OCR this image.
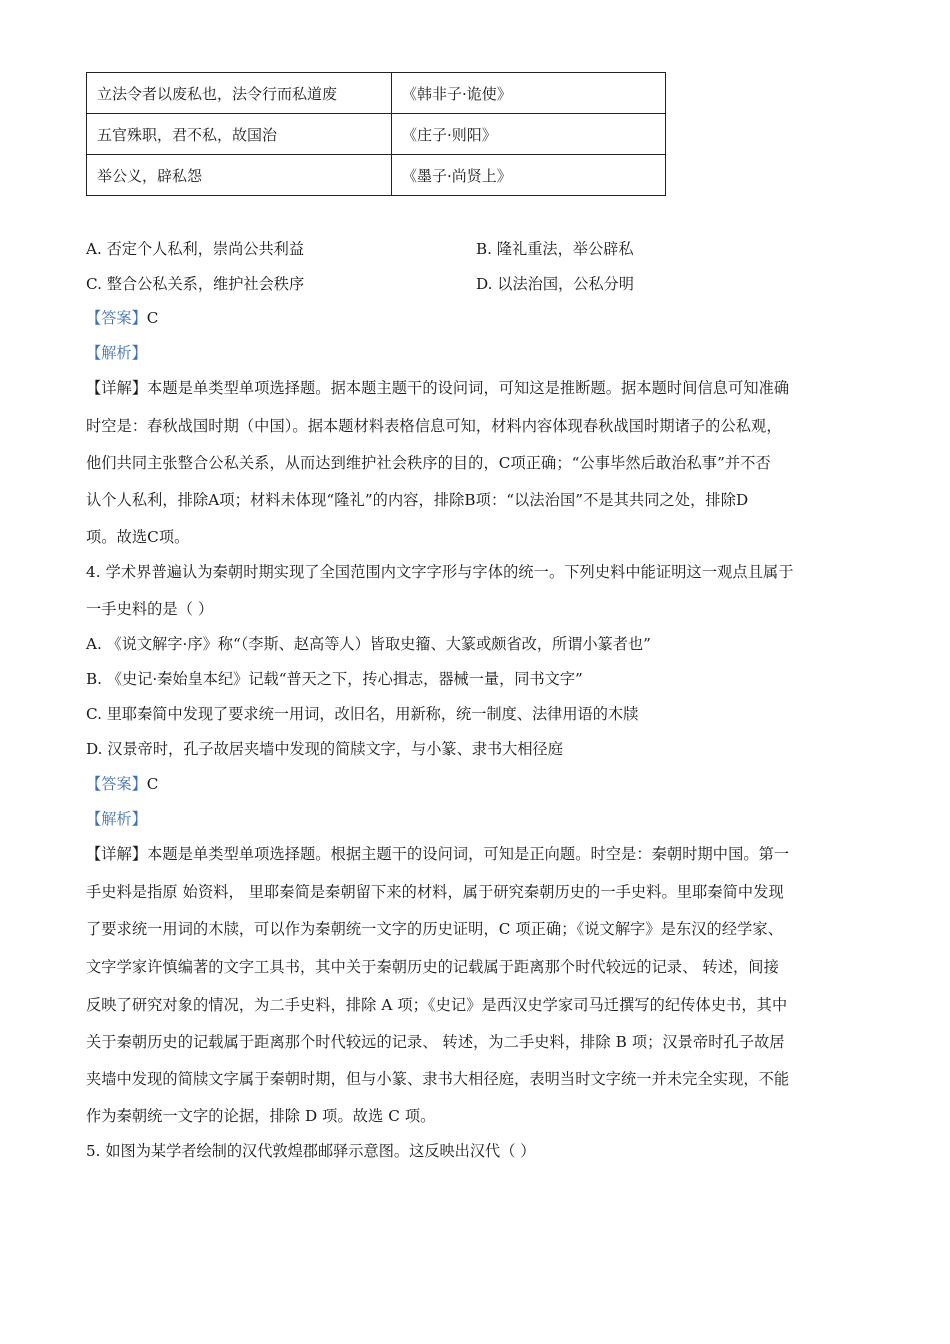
立法令者以废私也，法令行而私道废	《韩非子·诡使》
五官殊职，君不私，故国治	《庄子·则阳》
举公义，辟私怨	《墨子·尚贤上》
A. 否定个人私利，崇尚公共利益	B. 隆礼重法，举公辟私
C. 整合公私关系，维护社会秩序	D. 以法治国，公私分明
【答案】C
【解析】
【详解】本题是单类型单项选择题。据本题主题干的设问词，可知这是推断题。据本题时间信息可知准确
时空是：春秋战国时期（中国）。据本题材料表格信息可知，材料内容体现春秋战国时期诸子的公私观，
他们共同主张整合公私关系，从而达到维护社会秩序的目的，C项正确；“公事毕然后敢治私事”并不否
认个人私利，排除A项；材料未体现“隆礼”的内容，排除B项：“以法治国”不是其共同之处，排除D
项。故选C项。
4. 学术界普遍认为秦朝时期实现了全国范围内文字字形与字体的统一。下列史料中能证明这一观点且属于
一手史料的是（ ）
A. 《说文解字·序》称“（李斯、赵高等人）皆取史籀、大篆或颇省改，所谓小篆者也”
B. 《史记·秦始皇本纪》记载“普天之下，抟心揖志，器械一量，同书文字”
C. 里耶秦简中发现了要求统一用词，改旧名，用新称，统一制度、法律用语的木牍
D. 汉景帝时，孔子故居夹墙中发现的简牍文字，与小篆、隶书大相径庭
【答案】C
【解析】
【详解】本题是单类型单项选择题。根据主题干的设问词，可知是正向题。时空是：秦朝时期中国。第一
手史料是指原 始资料， 里耶秦简是秦朝留下来的材料，属于研究秦朝历史的一手史料。里耶秦简中发现
了要求统一用词的木牍，可以作为秦朝统一文字的历史证明，C 项正确；《说文解字》是东汉的经学家、
文字学家许慎编著的文字工具书，其中关于秦朝历史的记载属于距离那个时代较远的记录、 转述，间接
反映了研究对象的情况，为二手史料，排除 A 项；《史记》是西汉史学家司马迁撰写的纪传体史书，其中
关于秦朝历史的记载属于距离那个时代较远的记录、 转述，为二手史料，排除 B 项；汉景帝时孔子故居
夹墙中发现的简牍文字属于秦朝时期，但与小篆、隶书大相径庭，表明当时文字统一并未完全实现，不能
作为秦朝统一文字的论据，排除 D 项。故选 C 项。
5. 如图为某学者绘制的汉代敦煌郡邮驿示意图。这反映出汉代（ ）
